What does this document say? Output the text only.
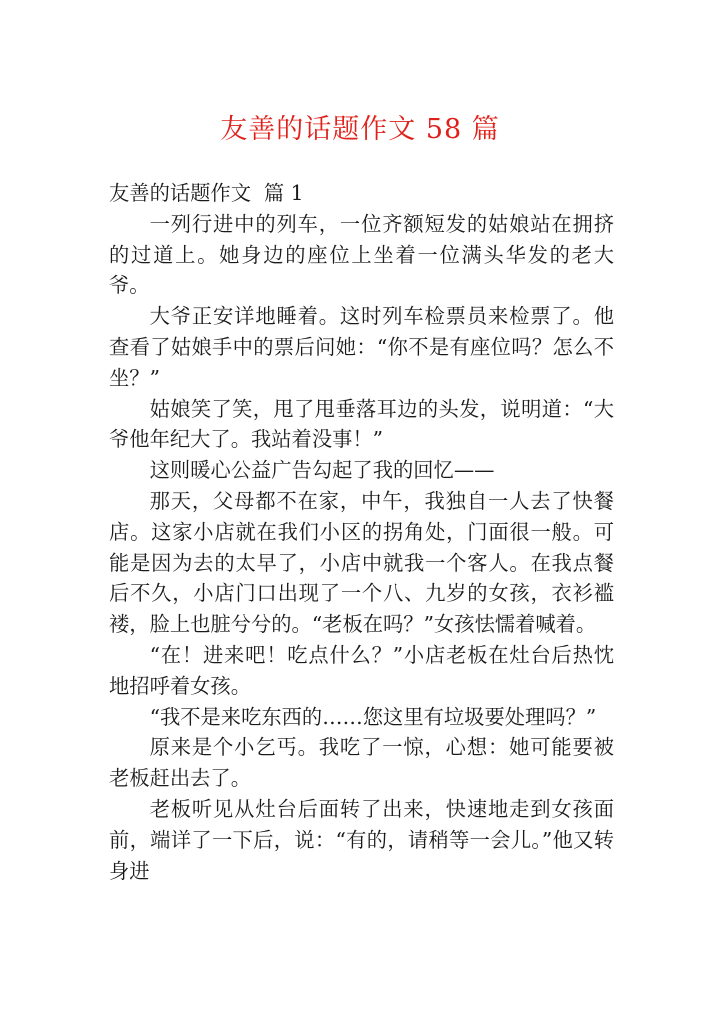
友善的话题作文 58 篇

友善的话题作文  篇 1

一列行进中的列车，一位齐额短发的姑娘站在拥挤的过道上。她身边的座位上坐着一位满头华发的老大爷。

大爷正安详地睡着。这时列车检票员来检票了。他查看了姑娘手中的票后问她：“你不是有座位吗？怎么不坐？”

姑娘笑了笑，甩了甩垂落耳边的头发，说明道：“大爷他年纪大了。我站着没事！”

这则暖心公益广告勾起了我的回忆——

那天，父母都不在家，中午，我独自一人去了快餐店。这家小店就在我们小区的拐角处，门面很一般。可能是因为去的太早了，小店中就我一个客人。在我点餐后不久，小店门口出现了一个八、九岁的女孩，衣衫褴褛，脸上也脏兮兮的。“老板在吗？”女孩怯懦着喊着。

“在！进来吧！吃点什么？”小店老板在灶台后热忱地招呼着女孩。

“我不是来吃东西的……您这里有垃圾要处理吗？”

原来是个小乞丐。我吃了一惊，心想：她可能要被老板赶出去了。

老板听见从灶台后面转了出来，快速地走到女孩面前，端详了一下后，说：“有的，请稍等一会儿。”他又转身进
